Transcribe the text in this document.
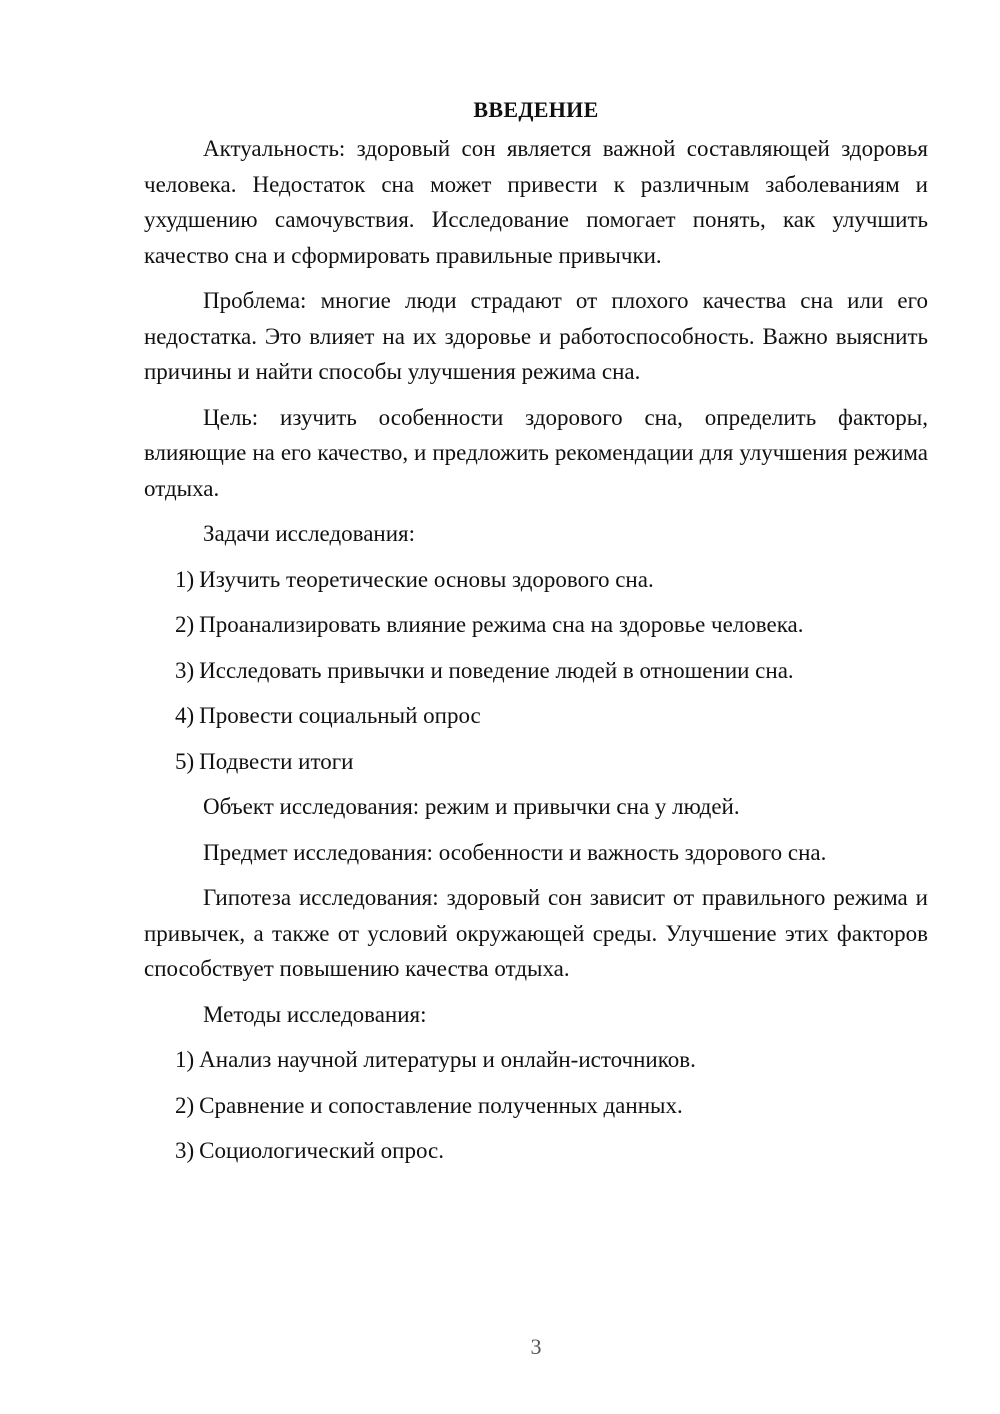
ВВЕДЕНИЕ

Актуальность: здоровый сон является важной составляющей здоровья человека. Недостаток сна может привести к различным заболеваниям и ухудшению самочувствия. Исследование помогает понять, как улучшить качество сна и сформировать правильные привычки.

Проблема: многие люди страдают от плохого качества сна или его недостатка. Это влияет на их здоровье и работоспособность. Важно выяснить причины и найти способы улучшения режима сна.

Цель: изучить особенности здорового сна, определить факторы, влияющие на его качество, и предложить рекомендации для улучшения режима отдыха.

Задачи исследования:

1) Изучить теоретические основы здорового сна.
2) Проанализировать влияние режима сна на здоровье человека.
3) Исследовать привычки и поведение людей в отношении сна.
4) Провести социальный опрос
5) Подвести итоги

Объект исследования: режим и привычки сна у людей.

Предмет исследования: особенности и важность здорового сна.

Гипотеза исследования: здоровый сон зависит от правильного режима и привычек, а также от условий окружающей среды. Улучшение этих факторов способствует повышению качества отдыха.

Методы исследования:

1) Анализ научной литературы и онлайн-источников.
2) Сравнение и сопоставление полученных данных.
3) Социологический опрос.
3
